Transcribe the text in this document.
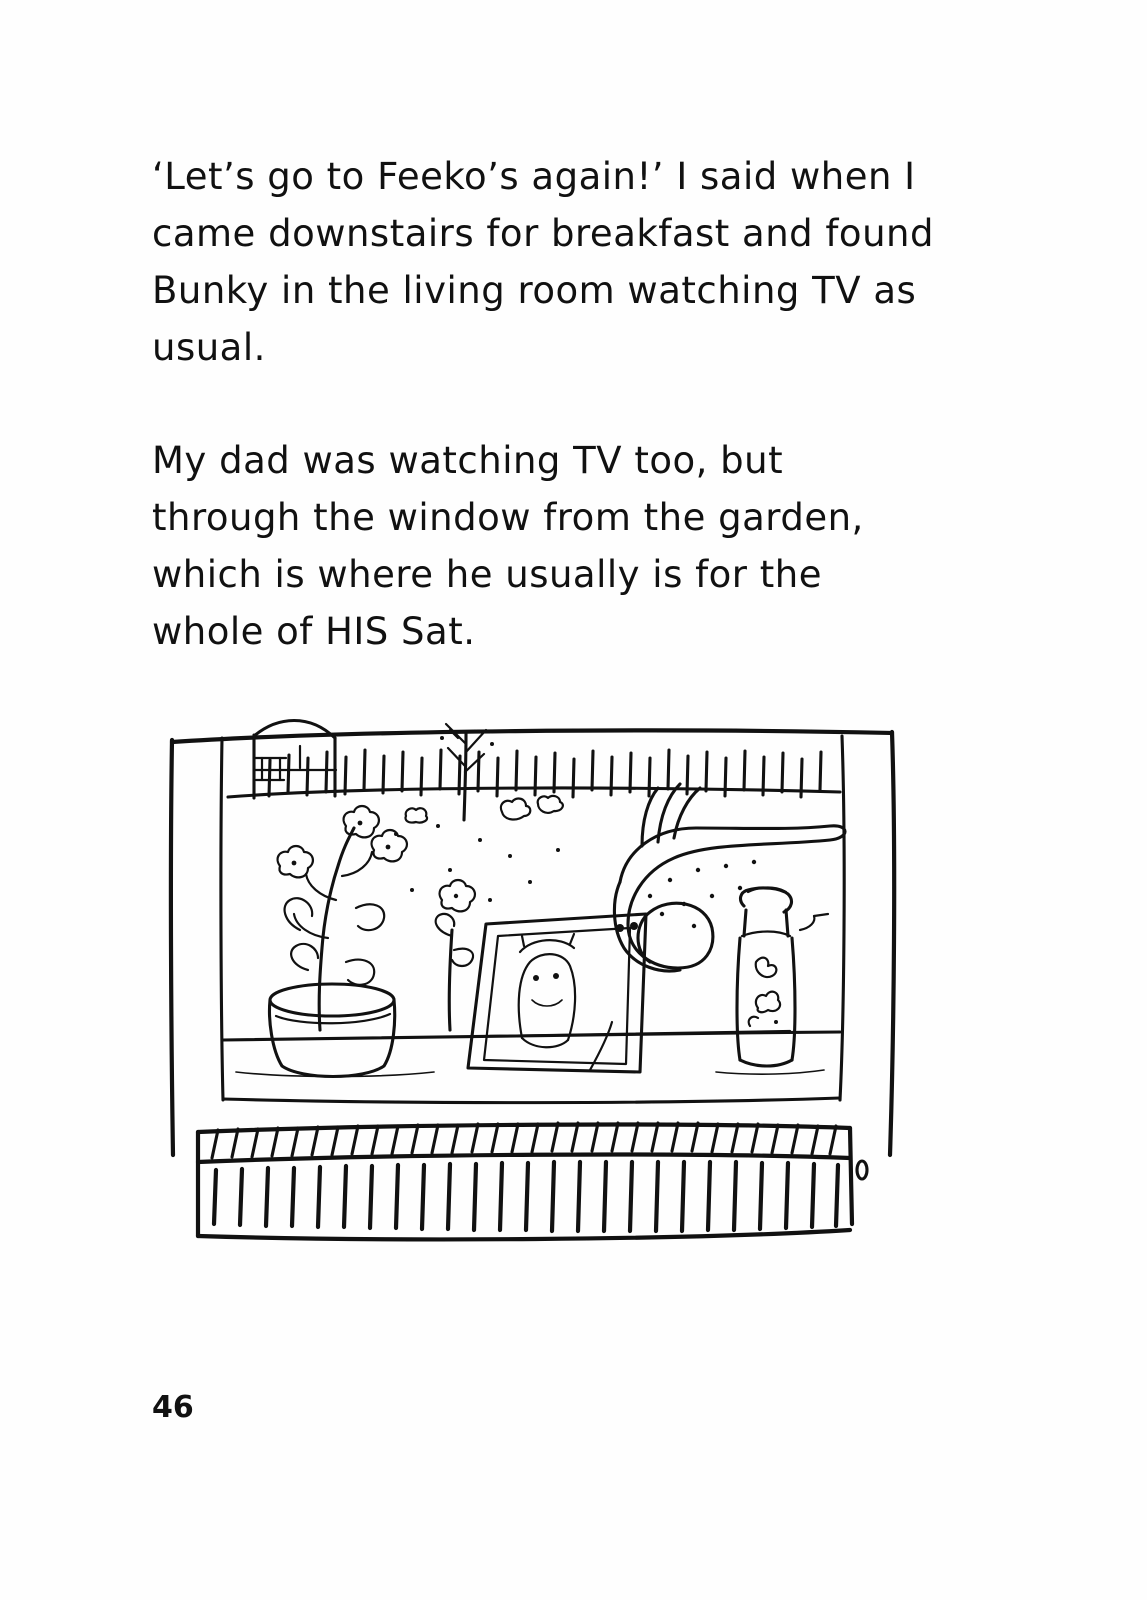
‘Let’s go to Feeko’s again!’ I said when I came downstairs for breakfast and found Bunky in the living room watching TV as usual.

My dad was watching TV too, but through the window from the garden, which is where he usually is for the whole of HIS Sat.

46
